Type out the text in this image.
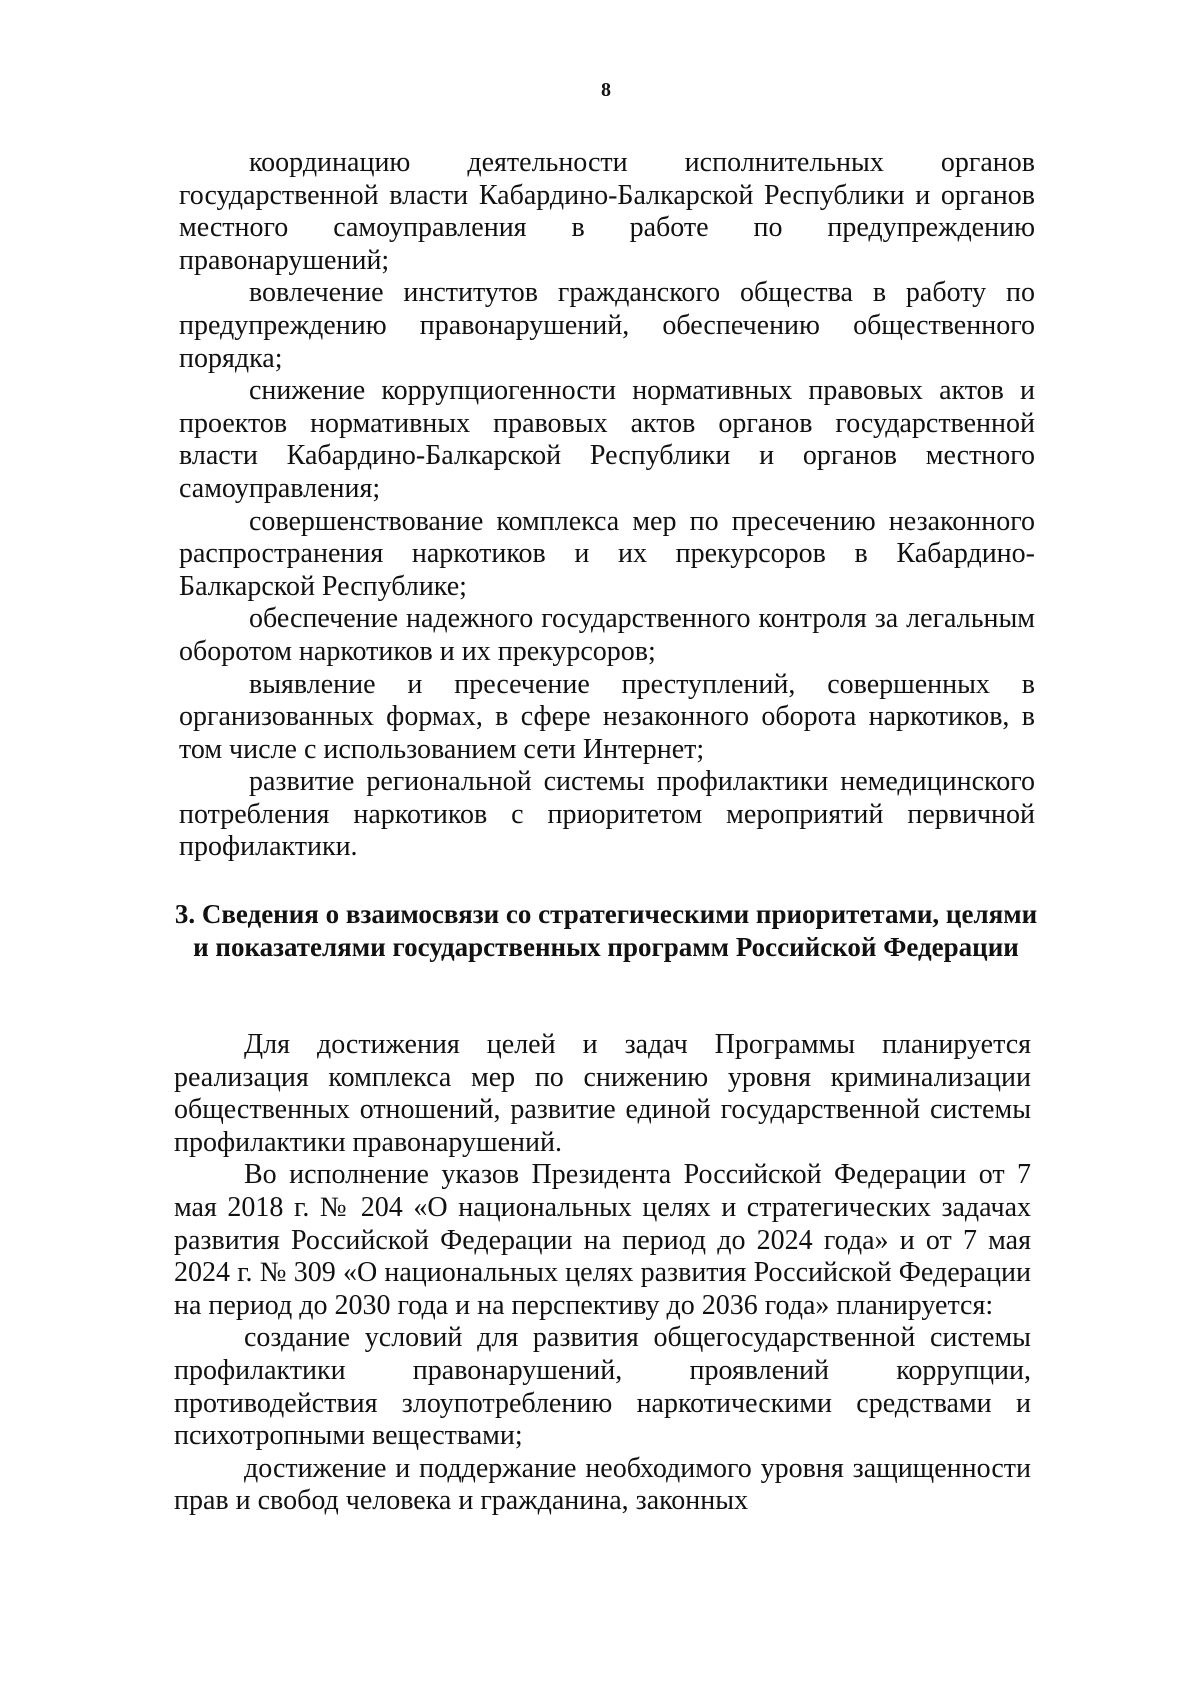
8

координацию деятельности исполнительных органов государственной власти Кабардино-Балкарской Республики и органов местного самоуправления в работе по предупреждению правонарушений;

вовлечение институтов гражданского общества в работу по предупреждению правонарушений, обеспечению общественного порядка;

снижение коррупциогенности нормативных правовых актов и проектов нормативных правовых актов органов государственной власти Кабардино-Балкарской Республики и органов местного самоуправления;

совершенствование комплекса мер по пресечению незаконного распространения наркотиков и их прекурсоров в Кабардино-Балкарской Республике;

обеспечение надежного государственного контроля за легальным оборотом наркотиков и их прекурсоров;

выявление и пресечение преступлений, совершенных в организованных формах, в сфере незаконного оборота наркотиков, в том числе с использованием сети Интернет;

развитие региональной системы профилактики немедицинского потребления наркотиков с приоритетом мероприятий первичной профилактики.

3. Сведения о взаимосвязи со стратегическими приоритетами, целями и показателями государственных программ Российской Федерации

Для достижения целей и задач Программы планируется реализация комплекса мер по снижению уровня криминализации общественных отношений, развитие единой государственной системы профилактики правонарушений.

Во исполнение указов Президента Российской Федерации от 7 мая 2018 г. № 204 «О национальных целях и стратегических задачах развития Российской Федерации на период до 2024 года» и от 7 мая 2024 г. № 309 «О национальных целях развития Российской Федерации на период до 2030 года и на перспективу до 2036 года» планируется:

создание условий для развития общегосударственной системы профилактики правонарушений, проявлений коррупции, противодействия злоупотреблению наркотическими средствами и психотропными веществами;

достижение и поддержание необходимого уровня защищенности прав и свобод человека и гражданина, законных
